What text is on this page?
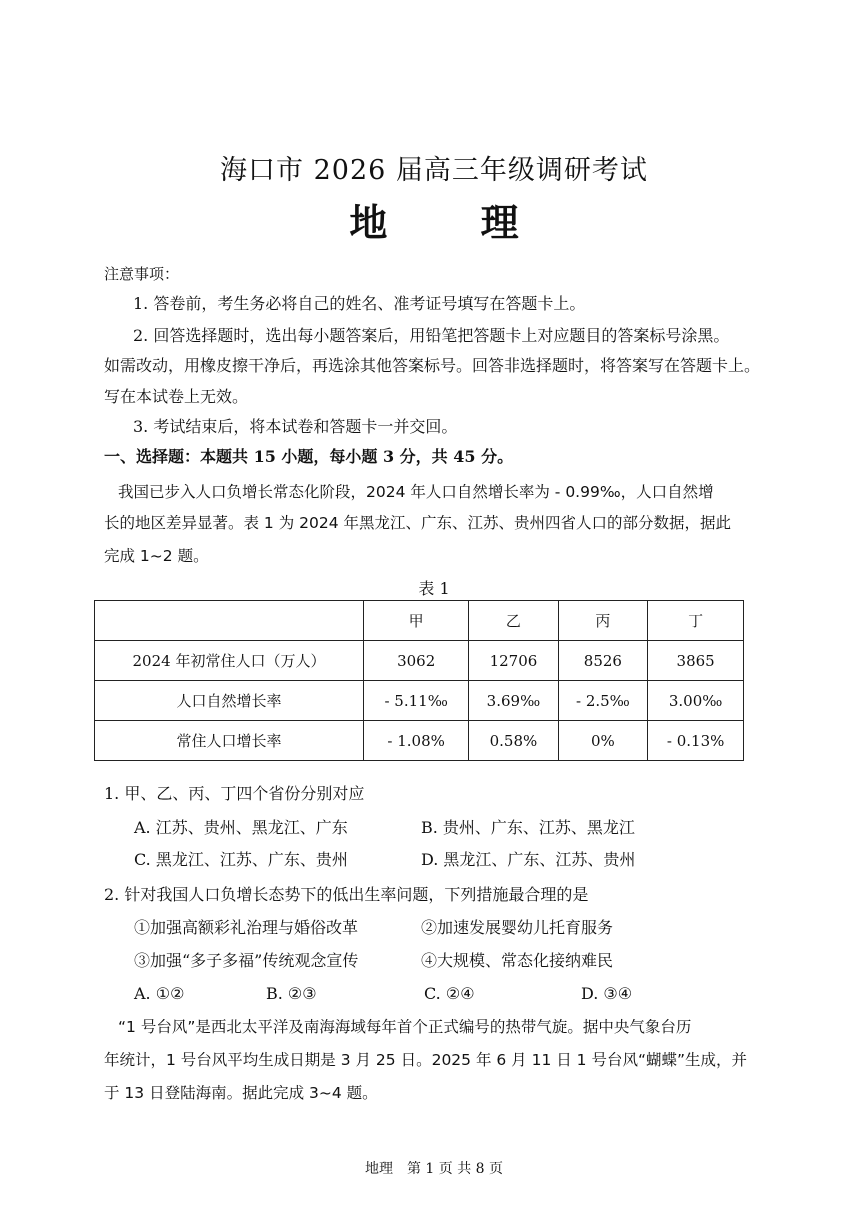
海口市 2026 届高三年级调研考试
地 理
注意事项：
1. 答卷前，考生务必将自己的姓名、准考证号填写在答题卡上。
2. 回答选择题时，选出每小题答案后，用铅笔把答题卡上对应题目的答案标号涂黑。
如需改动，用橡皮擦干净后，再选涂其他答案标号。回答非选择题时，将答案写在答题卡上。
写在本试卷上无效。
3. 考试结束后，将本试卷和答题卡一并交回。
一、选择题：本题共 15 小题，每小题 3 分，共 45 分。
我国已步入人口负增长常态化阶段，2024 年人口自然增长率为 - 0.99‰，人口自然增
长的地区差异显著。表 1 为 2024 年黑龙江、广东、江苏、贵州四省人口的部分数据，据此
完成 1~2 题。
表 1
	甲	乙	丙	丁
2024 年初常住人口（万人）	3062	12706	8526	3865
人口自然增长率	- 5.11‰	3.69‰	- 2.5‰	3.00‰
常住人口增长率	- 1.08%	0.58%	0%	- 0.13%
1. 甲、乙、丙、丁四个省份分别对应
A. 江苏、贵州、黑龙江、广东	B. 贵州、广东、江苏、黑龙江
C. 黑龙江、江苏、广东、贵州	D. 黑龙江、广东、江苏、贵州
2. 针对我国人口负增长态势下的低出生率问题，下列措施最合理的是
①加强高额彩礼治理与婚俗改革	②加速发展婴幼儿托育服务
③加强“多子多福”传统观念宣传	④大规模、常态化接纳难民
A. ①②	B. ②③	C. ②④	D. ③④
“1 号台风”是西北太平洋及南海海域每年首个正式编号的热带气旋。据中央气象台历
年统计，1 号台风平均生成日期是 3 月 25 日。2025 年 6 月 11 日 1 号台风“蝴蝶”生成，并
于 13 日登陆海南。据此完成 3~4 题。
地理　第 1 页 共 8 页
